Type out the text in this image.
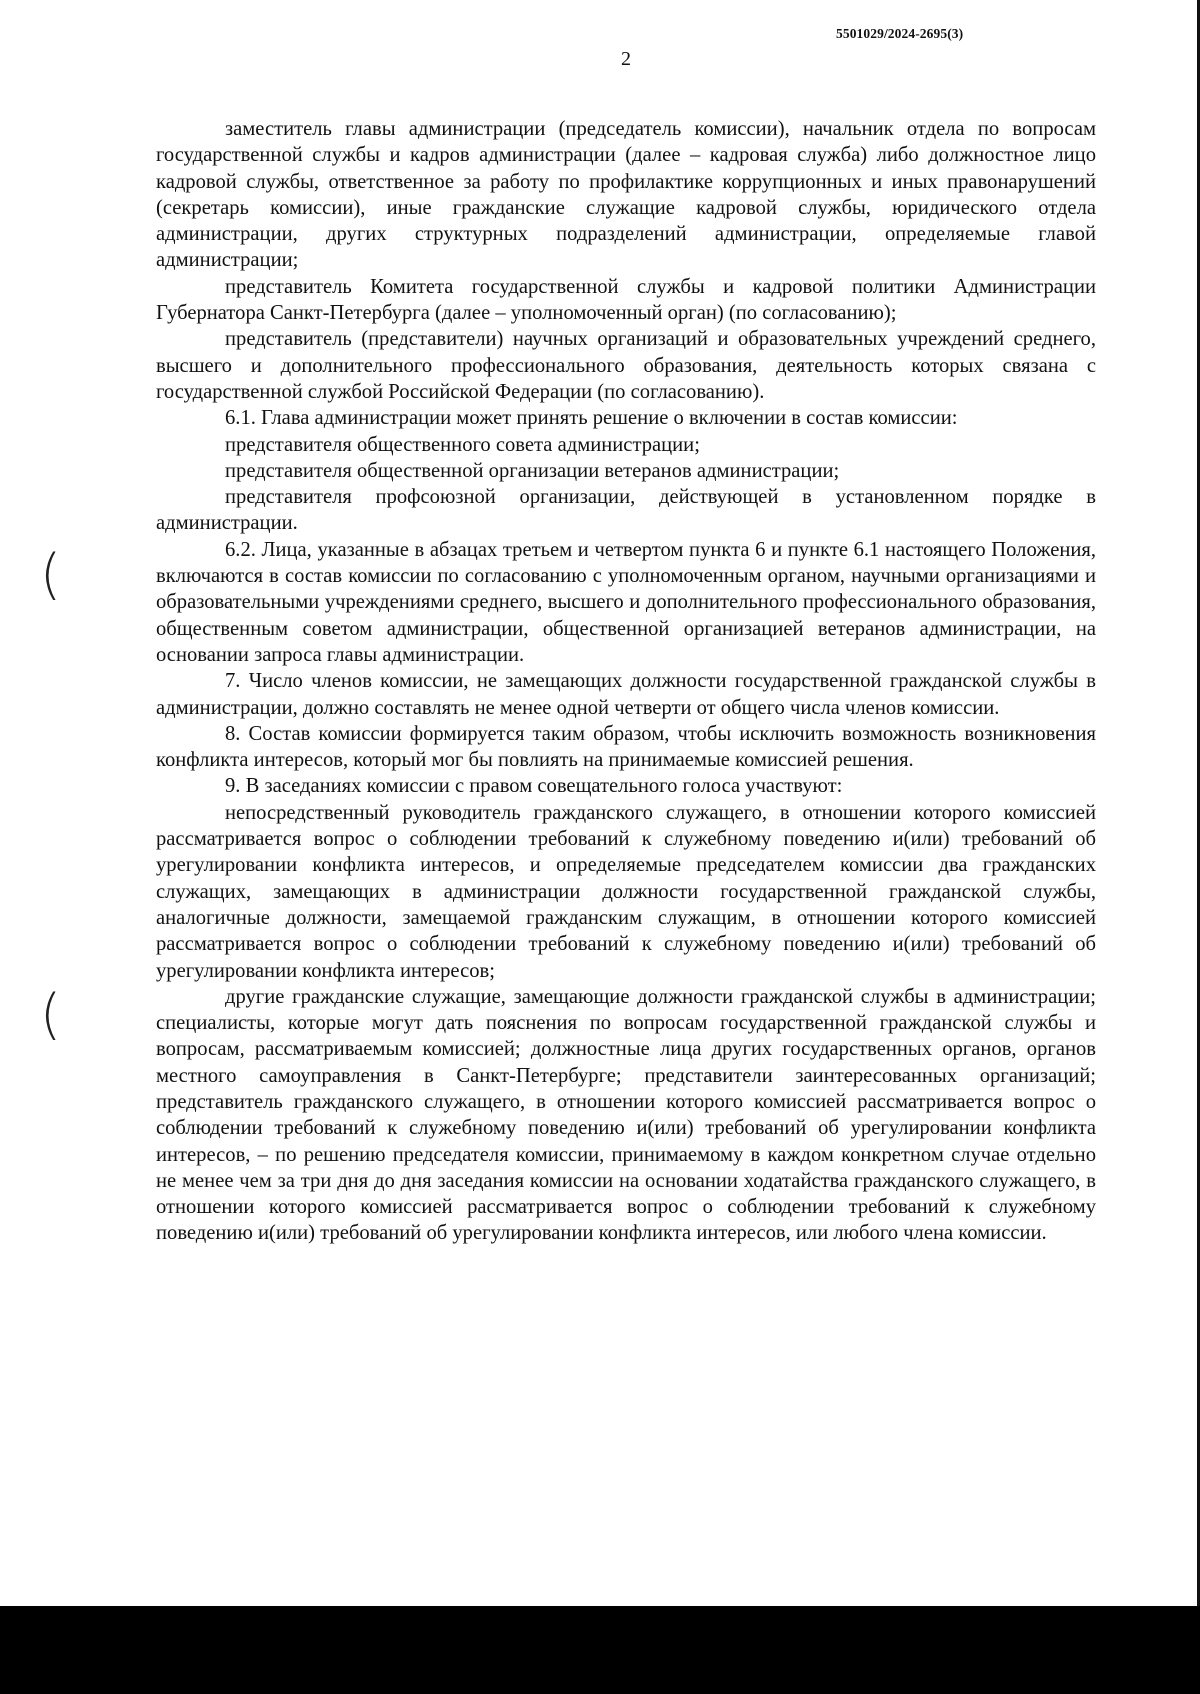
5501029/2024-2695(3)
2
(
(

заместитель главы администрации (председатель комиссии), начальник отдела по вопросам государственной службы и кадров администрации (далее – кадровая служба) либо должностное лицо кадровой службы, ответственное за работу по профилактике коррупционных и иных правонарушений (секретарь комиссии), иные гражданские служащие кадровой службы, юридического отдела администрации, других структурных подразделений администрации, определяемые главой администрации;

представитель Комитета государственной службы и кадровой политики Администрации Губернатора Санкт-Петербурга (далее – уполномоченный орган) (по согласованию);

представитель (представители) научных организаций и образовательных учреждений среднего, высшего и дополнительного профессионального образования, деятельность которых связана с государственной службой Российской Федерации (по согласованию).

6.1. Глава администрации может принять решение о включении в состав комиссии:

представителя общественного совета администрации;

представителя общественной организации ветеранов администрации;

представителя профсоюзной организации, действующей в установленном порядке в администрации.

6.2. Лица, указанные в абзацах третьем и четвертом пункта 6 и пункте 6.1 настоящего Положения, включаются в состав комиссии по согласованию с уполномоченным органом, научными организациями и образовательными учреждениями среднего, высшего и дополнительного профессионального образования, общественным советом администрации, общественной организацией ветеранов администрации, на основании запроса главы администрации.

7. Число членов комиссии, не замещающих должности государственной гражданской службы в администрации, должно составлять не менее одной четверти от общего числа членов комиссии.

8. Состав комиссии формируется таким образом, чтобы исключить возможность возникновения конфликта интересов, который мог бы повлиять на принимаемые комиссией решения.

9. В заседаниях комиссии с правом совещательного голоса участвуют:

непосредственный руководитель гражданского служащего, в отношении которого комиссией рассматривается вопрос о соблюдении требований к служебному поведению и(или) требований об урегулировании конфликта интересов, и определяемые председателем комиссии два гражданских служащих, замещающих в администрации должности государственной гражданской службы, аналогичные должности, замещаемой гражданским служащим, в отношении которого комиссией рассматривается вопрос о соблюдении требований к служебному поведению и(или) требований об урегулировании конфликта интересов;

другие гражданские служащие, замещающие должности гражданской службы в администрации; специалисты, которые могут дать пояснения по вопросам государственной гражданской службы и вопросам, рассматриваемым комиссией; должностные лица других государственных органов, органов местного самоуправления в Санкт-Петербурге; представители заинтересованных организаций; представитель гражданского служащего, в отношении которого комиссией рассматривается вопрос о соблюдении требований к служебному поведению и(или) требований об урегулировании конфликта интересов, – по решению председателя комиссии, принимаемому в каждом конкретном случае отдельно не менее чем за три дня до дня заседания комиссии на основании ходатайства гражданского служащего, в отношении которого комиссией рассматривается вопрос о соблюдении требований к служебному поведению и(или) требований об урегулировании конфликта интересов, или любого члена комиссии.
